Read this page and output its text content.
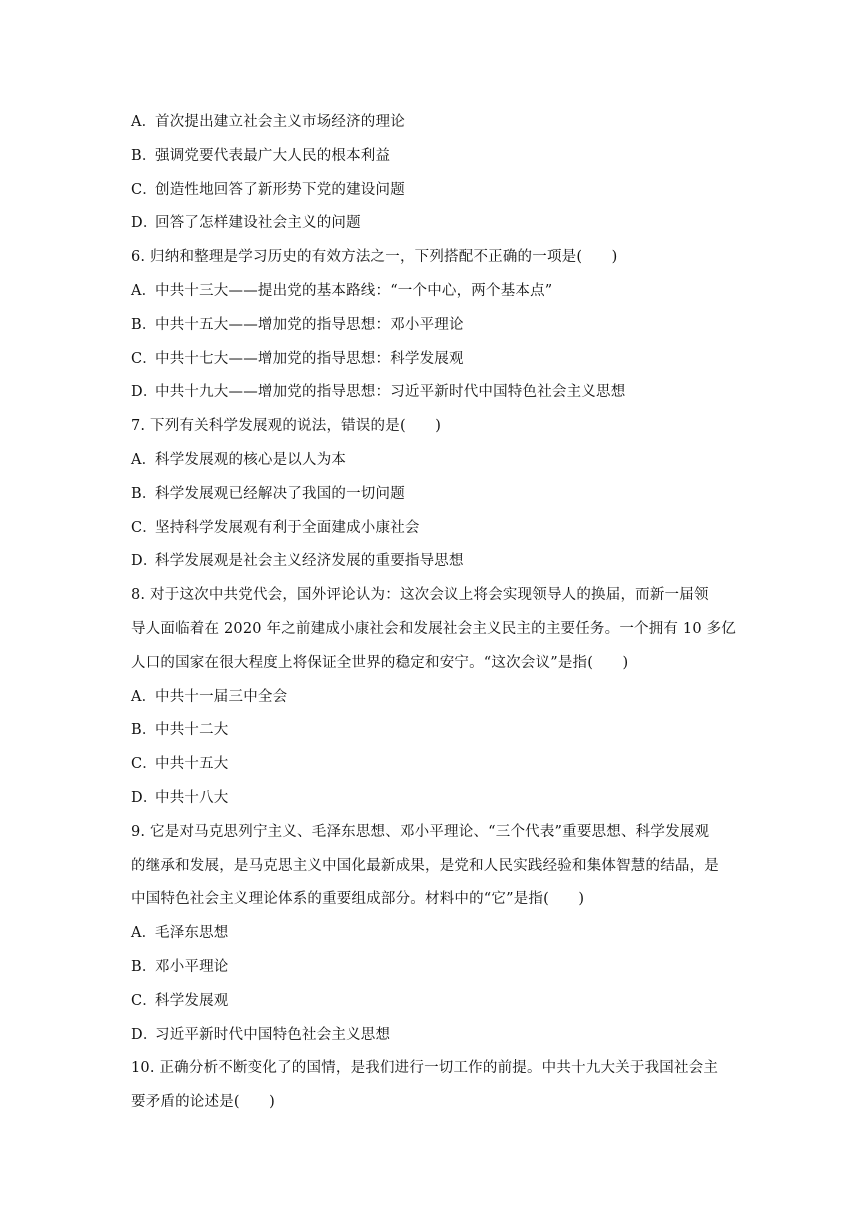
A．首次提出建立社会主义市场经济的理论
B．强调党要代表最广大人民的根本利益
C．创造性地回答了新形势下党的建设问题
D．回答了怎样建设社会主义的问题
6. 归纳和整理是学习历史的有效方法之一，下列搭配不正确的一项是(　　)
A．中共十三大——提出党的基本路线：“一个中心，两个基本点”
B．中共十五大——增加党的指导思想：邓小平理论
C．中共十七大——增加党的指导思想：科学发展观
D．中共十九大——增加党的指导思想：习近平新时代中国特色社会主义思想
7. 下列有关科学发展观的说法，错误的是(　　)
A．科学发展观的核心是以人为本
B．科学发展观已经解决了我国的一切问题
C．坚持科学发展观有利于全面建成小康社会
D．科学发展观是社会主义经济发展的重要指导思想
8. 对于这次中共党代会，国外评论认为：这次会议上将会实现领导人的换届，而新一届领
导人面临着在 2020 年之前建成小康社会和发展社会主义民主的主要任务。一个拥有 10 多亿
人口的国家在很大程度上将保证全世界的稳定和安宁。“这次会议”是指(　　)
A．中共十一届三中全会
B．中共十二大
C．中共十五大
D．中共十八大
9. 它是对马克思列宁主义、毛泽东思想、邓小平理论、“三个代表”重要思想、科学发展观
的继承和发展，是马克思主义中国化最新成果，是党和人民实践经验和集体智慧的结晶，是
中国特色社会主义理论体系的重要组成部分。材料中的“它”是指(　　)
A．毛泽东思想
B．邓小平理论
C．科学发展观
D．习近平新时代中国特色社会主义思想
10. 正确分析不断变化了的国情，是我们进行一切工作的前提。中共十九大关于我国社会主
要矛盾的论述是(　　)
